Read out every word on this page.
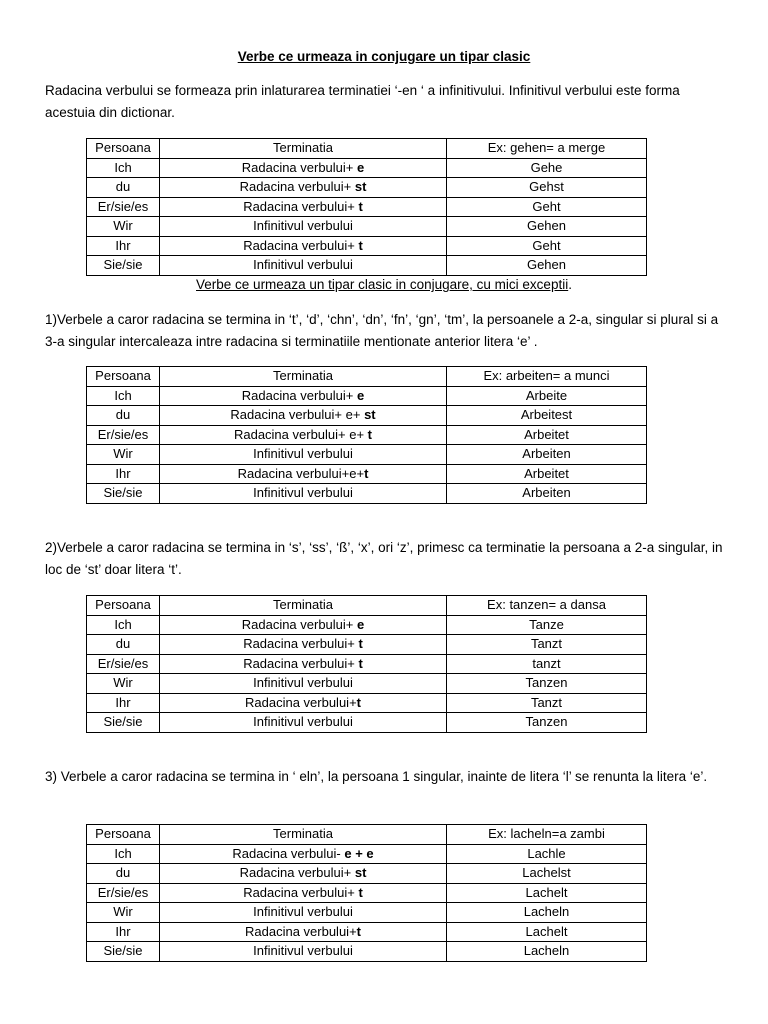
Verbe ce urmeaza in conjugare un tipar clasic
Radacina verbului se formeaza prin inlaturarea terminatiei ‘-en ‘ a infinitivului. Infinitivul verbului este forma acestuia din dictionar.
Persoana	Terminatia	Ex: gehen= a merge
Ich	Radacina verbului+ e	Gehe
du	Radacina verbului+ st	Gehst
Er/sie/es	Radacina verbului+ t	Geht
Wir	Infinitivul verbului	Gehen
Ihr	Radacina verbului+ t	Geht
Sie/sie	Infinitivul verbului	Gehen
Verbe ce urmeaza un tipar clasic in conjugare, cu mici exceptii.
1)Verbele a caror radacina se termina in ‘t’, ‘d’, ‘chn’, ‘dn’, ‘fn’, ‘gn’, ‘tm’, la persoanele a 2-a, singular si plural si a 3-a singular intercaleaza intre radacina si terminatiile mentionate anterior litera ‘e’ .
Persoana	Terminatia	Ex: arbeiten= a munci
Ich	Radacina verbului+ e	Arbeite
du	Radacina verbului+ e+ st	Arbeitest
Er/sie/es	Radacina verbului+ e+ t	Arbeitet
Wir	Infinitivul verbului	Arbeiten
Ihr	Radacina verbului+e+t	Arbeitet
Sie/sie	Infinitivul verbului	Arbeiten
2)Verbele a caror radacina se termina in ‘s’, ‘ss’, ‘ß’, ‘x’, ori ‘z’, primesc ca terminatie la persoana a 2-a singular, in loc de ‘st’ doar litera ‘t’.
Persoana	Terminatia	Ex: tanzen= a dansa
Ich	Radacina verbului+ e	Tanze
du	Radacina verbului+ t	Tanzt
Er/sie/es	Radacina verbului+ t	tanzt
Wir	Infinitivul verbului	Tanzen
Ihr	Radacina verbului+t	Tanzt
Sie/sie	Infinitivul verbului	Tanzen
3) Verbele a caror radacina se termina in ‘ eln’, la persoana 1 singular, inainte de litera ‘l’ se renunta la litera ‘e’.
Persoana	Terminatia	Ex: lacheln=a zambi
Ich	Radacina verbului- e + e	Lachle
du	Radacina verbului+ st	Lachelst
Er/sie/es	Radacina verbului+ t	Lachelt
Wir	Infinitivul verbului	Lacheln
Ihr	Radacina verbului+t	Lachelt
Sie/sie	Infinitivul verbului	Lacheln
